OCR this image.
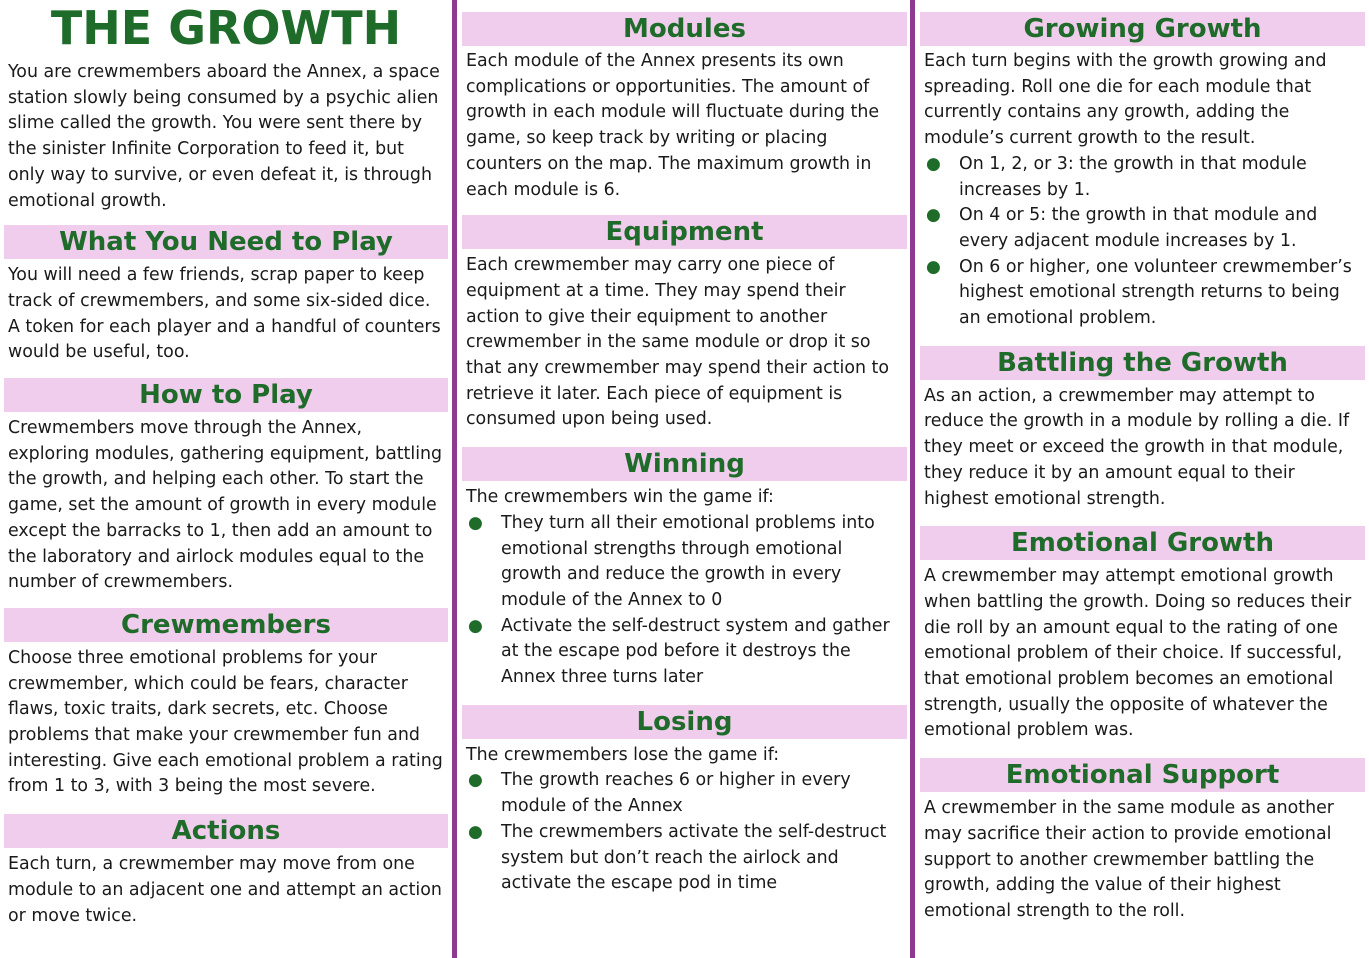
THE GROWTH

You are crewmembers aboard the Annex, a space station slowly being consumed by a psychic alien slime called the growth. You were sent there by the sinister Infinite Corporation to feed it, but only way to survive, or even defeat it, is through emotional growth.

What You Need to Play

You will need a few friends, scrap paper to keep track of crewmembers, and some six-sided dice. A token for each player and a handful of counters would be useful, too.

How to Play

Crewmembers move through the Annex, exploring modules, gathering equipment, battling the growth, and helping each other. To start the game, set the amount of growth in every module except the barracks to 1, then add an amount to the laboratory and airlock modules equal to the number of crewmembers.

Crewmembers

Choose three emotional problems for your crewmember, which could be fears, character flaws, toxic traits, dark secrets, etc. Choose problems that make your crewmember fun and interesting. Give each emotional problem a rating from 1 to 3, with 3 being the most severe.

Actions

Each turn, a crewmember may move from one module to an adjacent one and attempt an action or move twice.

Modules

Each module of the Annex presents its own complications or opportunities. The amount of growth in each module will fluctuate during the game, so keep track by writing or placing counters on the map. The maximum growth in each module is 6.

Equipment

Each crewmember may carry one piece of equipment at a time. They may spend their action to give their equipment to another crewmember in the same module or drop it so that any crewmember may spend their action to retrieve it later. Each piece of equipment is consumed upon being used.

Winning

The crewmembers win the game if:

● They turn all their emotional problems into emotional strengths through emotional growth and reduce the growth in every module of the Annex to 0
● Activate the self-destruct system and gather at the escape pod before it destroys the Annex three turns later
Losing

The crewmembers lose the game if:

● The growth reaches 6 or higher in every module of the Annex
● The crewmembers activate the self-destruct system but don’t reach the airlock and activate the escape pod in time
Growing Growth

Each turn begins with the growth growing and spreading. Roll one die for each module that currently contains any growth, adding the module’s current growth to the result.

● On 1, 2, or 3: the growth in that module increases by 1.
● On 4 or 5: the growth in that module and every adjacent module increases by 1.
● On 6 or higher, one volunteer crewmember’s highest emotional strength returns to being an emotional problem.
Battling the Growth

As an action, a crewmember may attempt to reduce the growth in a module by rolling a die. If they meet or exceed the growth in that module, they reduce it by an amount equal to their highest emotional strength.

Emotional Growth

A crewmember may attempt emotional growth when battling the growth. Doing so reduces their die roll by an amount equal to the rating of one emotional problem of their choice. If successful, that emotional problem becomes an emotional strength, usually the opposite of whatever the emotional problem was.

Emotional Support

A crewmember in the same module as another may sacrifice their action to provide emotional support to another crewmember battling the growth, adding the value of their highest emotional strength to the roll.
